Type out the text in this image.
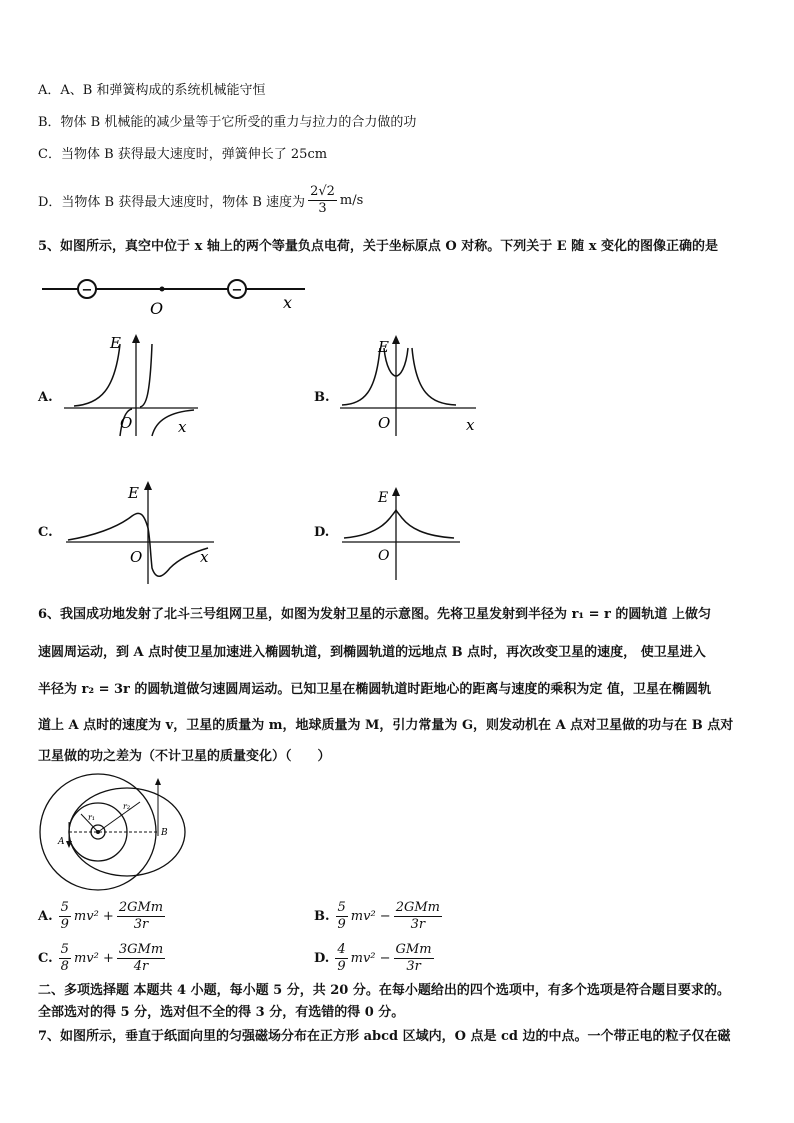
A．A、B 和弹簧构成的系统机械能守恒
B．物体 B 机械能的减少量等于它所受的重力与拉力的合力做的功
C．当物体 B 获得最大速度时，弹簧伸长了 25cm
D．当物体 B 获得最大速度时，物体 B 速度为 $\frac{2√2}{3} m/s$
5、如图所示，真空中位于 x 轴上的两个等量负点电荷，关于坐标原点 O 对称。下列关于 E 随 x 变化的图像正确的是
−	−
O	x
A.
E
O	x
B.
E
O	x
C.
E
O	x
D.
E
O
6、我国成功地发射了北斗三号组网卫星，如图为发射卫星的示意图。先将卫星发射到半径为 r₁ = r 的圆轨道 上做匀
速圆周运动，到 A 点时使卫星加速进入椭圆轨道，到椭圆轨道的远地点 B 点时，再次改变卫星的速度， 使卫星进入
半径为 r₂ = 3r 的圆轨道做匀速圆周运动。已知卫星在椭圆轨道时距地心的距离与速度的乘积为定 值，卫星在椭圆轨
道上 A 点时的速度为 v，卫星的质量为 m，地球质量为 M，引力常量为 G，则发动机在 A 点对卫星做的功与在 B 点对
卫星做的功之差为（不计卫星的质量变化）（　　）
A
B
r₁
r₂
A. $\frac{5}{9} mv^2 + \frac{\text{2GMm}}{3r}$	B. $\frac{5}{9} mv^2 - \frac{\text{2GMm}}{3r}$
C. $\frac{5}{8} mv^2 + \frac{\text{3GMm}}{4r}$	D. $\frac{4}{9} mv^2 - \frac{\text{GMm}}{3r}$
二、多项选择题 本题共 4 小题，每小题 5 分，共 20 分。在每小题给出的四个选项中，有多个选项是符合题目要求的。
全部选对的得 5 分，选对但不全的得 3 分，有选错的得 0 分。
7、如图所示，垂直于纸面向里的匀强磁场分布在正方形 abcd 区域内，O 点是 cd 边的中点。一个带正电的粒子仅在磁
